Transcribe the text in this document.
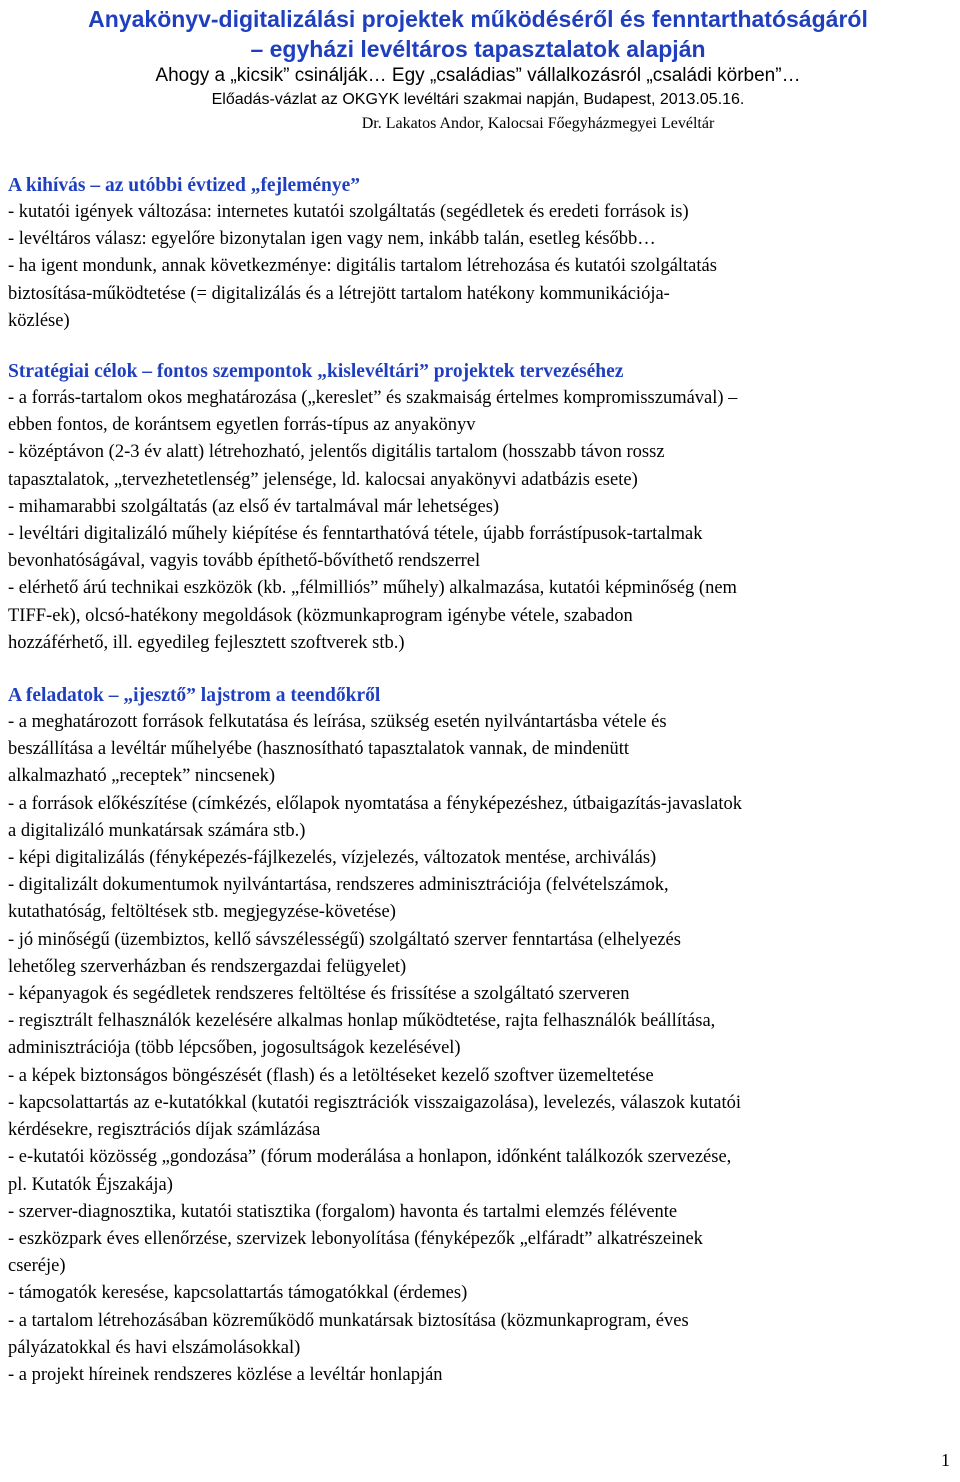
Anyakönyv-digitalizálási projektek működéséről és fenntarthatóságáról

– egyházi levéltáros tapasztalatok alapján

Ahogy a „kicsik” csinálják… Egy „családias” vállalkozásról „családi körben”…

Előadás-vázlat az OKGYK levéltári szakmai napján, Budapest, 2013.05.16.

Dr. Lakatos Andor, Kalocsai Főegyházmegyei Levéltár

A kihívás – az utóbbi évtized „fejleménye”

- kutatói igények változása: internetes kutatói szolgáltatás (segédletek és eredeti források is)

- levéltáros válasz: egyelőre bizonytalan igen vagy nem, inkább talán, esetleg később…

- ha igent mondunk, annak következménye: digitális tartalom létrehozása és kutatói szolgáltatás
biztosítása-működtetése (= digitalizálás és a létrejött tartalom hatékony kommunikációja-
közlése)

Stratégiai célok – fontos szempontok „kislevéltári” projektek tervezéséhez

- a forrás-tartalom okos meghatározása („kereslet” és szakmaiság értelmes kompromisszumával) –
ebben fontos, de korántsem egyetlen forrás-típus az anyakönyv

- középtávon (2-3 év alatt) létrehozható, jelentős digitális tartalom (hosszabb távon rossz
tapasztalatok, „tervezhetetlenség” jelensége, ld. kalocsai anyakönyvi adatbázis esete)

- mihamarabbi szolgáltatás (az első év tartalmával már lehetséges)

- levéltári digitalizáló műhely kiépítése és fenntarthatóvá tétele, újabb forrástípusok-tartalmak
bevonhatóságával, vagyis tovább építhető-bővíthető rendszerrel

- elérhető árú technikai eszközök (kb. „félmilliós” műhely) alkalmazása, kutatói képminőség (nem
TIFF-ek), olcsó-hatékony megoldások (közmunkaprogram igénybe vétele, szabadon
hozzáférhető, ill. egyedileg fejlesztett szoftverek stb.)

A feladatok – „ijesztő” lajstrom a teendőkről

- a meghatározott források felkutatása és leírása, szükség esetén nyilvántartásba vétele és
beszállítása a levéltár műhelyébe (hasznosítható tapasztalatok vannak, de mindenütt
alkalmazható „receptek” nincsenek)

- a források előkészítése (címkézés, előlapok nyomtatása a fényképezéshez, útbaigazítás-javaslatok
a digitalizáló munkatársak számára stb.)

- képi digitalizálás (fényképezés-fájlkezelés, vízjelezés, változatok mentése, archiválás)

- digitalizált dokumentumok nyilvántartása, rendszeres adminisztrációja (felvételszámok,
kutathatóság, feltöltések stb. megjegyzése-követése)

- jó minőségű (üzembiztos, kellő sávszélességű) szolgáltató szerver fenntartása (elhelyezés
lehetőleg szerverházban és rendszergazdai felügyelet)

- képanyagok és segédletek rendszeres feltöltése és frissítése a szolgáltató szerveren

- regisztrált felhasználók kezelésére alkalmas honlap működtetése, rajta felhasználók beállítása,
adminisztrációja (több lépcsőben, jogosultságok kezelésével)

- a képek biztonságos böngészését (flash) és a letöltéseket kezelő szoftver üzemeltetése

- kapcsolattartás az e-kutatókkal (kutatói regisztrációk visszaigazolása), levelezés, válaszok kutatói
kérdésekre, regisztrációs díjak számlázása

- e-kutatói közösség „gondozása” (fórum moderálása a honlapon, időnként találkozók szervezése,
pl. Kutatók Éjszakája)

- szerver-diagnosztika, kutatói statisztika (forgalom) havonta és tartalmi elemzés félévente

- eszközpark éves ellenőrzése, szervizek lebonyolítása (fényképezők „elfáradt” alkatrészeinek
cseréje)

- támogatók keresése, kapcsolattartás támogatókkal (érdemes)

- a tartalom létrehozásában közreműködő munkatársak biztosítása (közmunkaprogram, éves
pályázatokkal és havi elszámolásokkal)

- a projekt híreinek rendszeres közlése a levéltár honlapján

1
